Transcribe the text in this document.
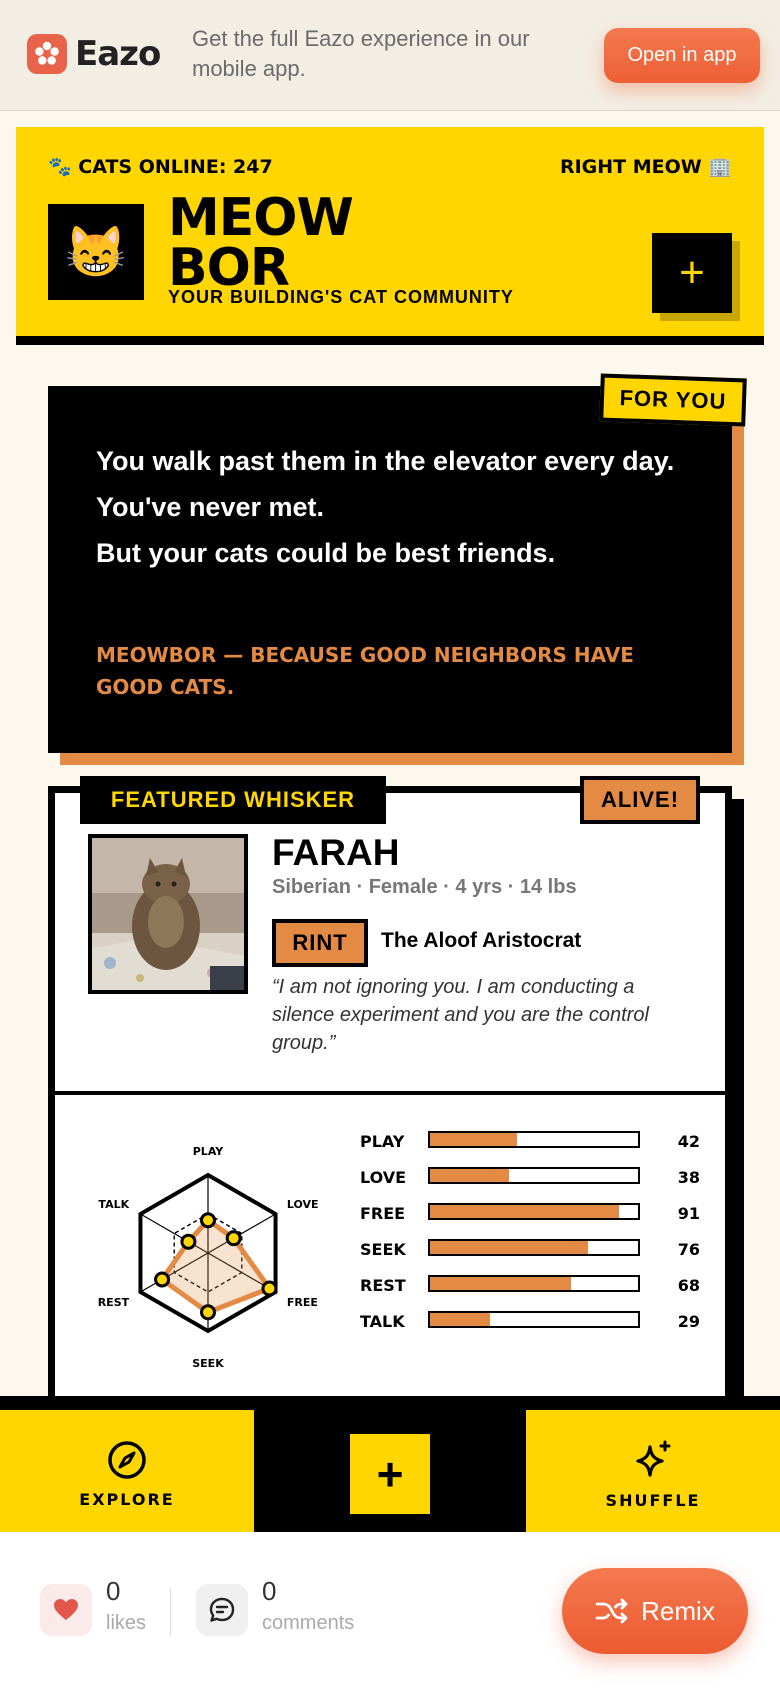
Eazo Get the full Eazo experience in our mobile app.
Open in app
🐾 CATS ONLINE: 247	RIGHT MEOW 🏢
😸
MEOW
BOR
YOUR BUILDING'S CAT COMMUNITY	+
You walk past them in the elevator every day.
You've never met.
But your cats could be best friends.
MEOWBOR — BECAUSE GOOD NEIGHBORS HAVE GOOD CATS.
FOR YOU
FEATURED WHISKER	ALIVE!
FARAH
Siberian · Female · 4 yrs · 14 lbs
RINT	The Aloof Aristocrat
“I am not ignoring you. I am conducting a silence experiment and you are the control group.”
PLAY
LOVE
FREE
SEEK
REST
TALK
PLAY	42
LOVE	38
FREE	91
SEEK	76
REST	68
TALK	29
EXPLORE	+
SHUFFLE
0
likes
0
comments	Remix
